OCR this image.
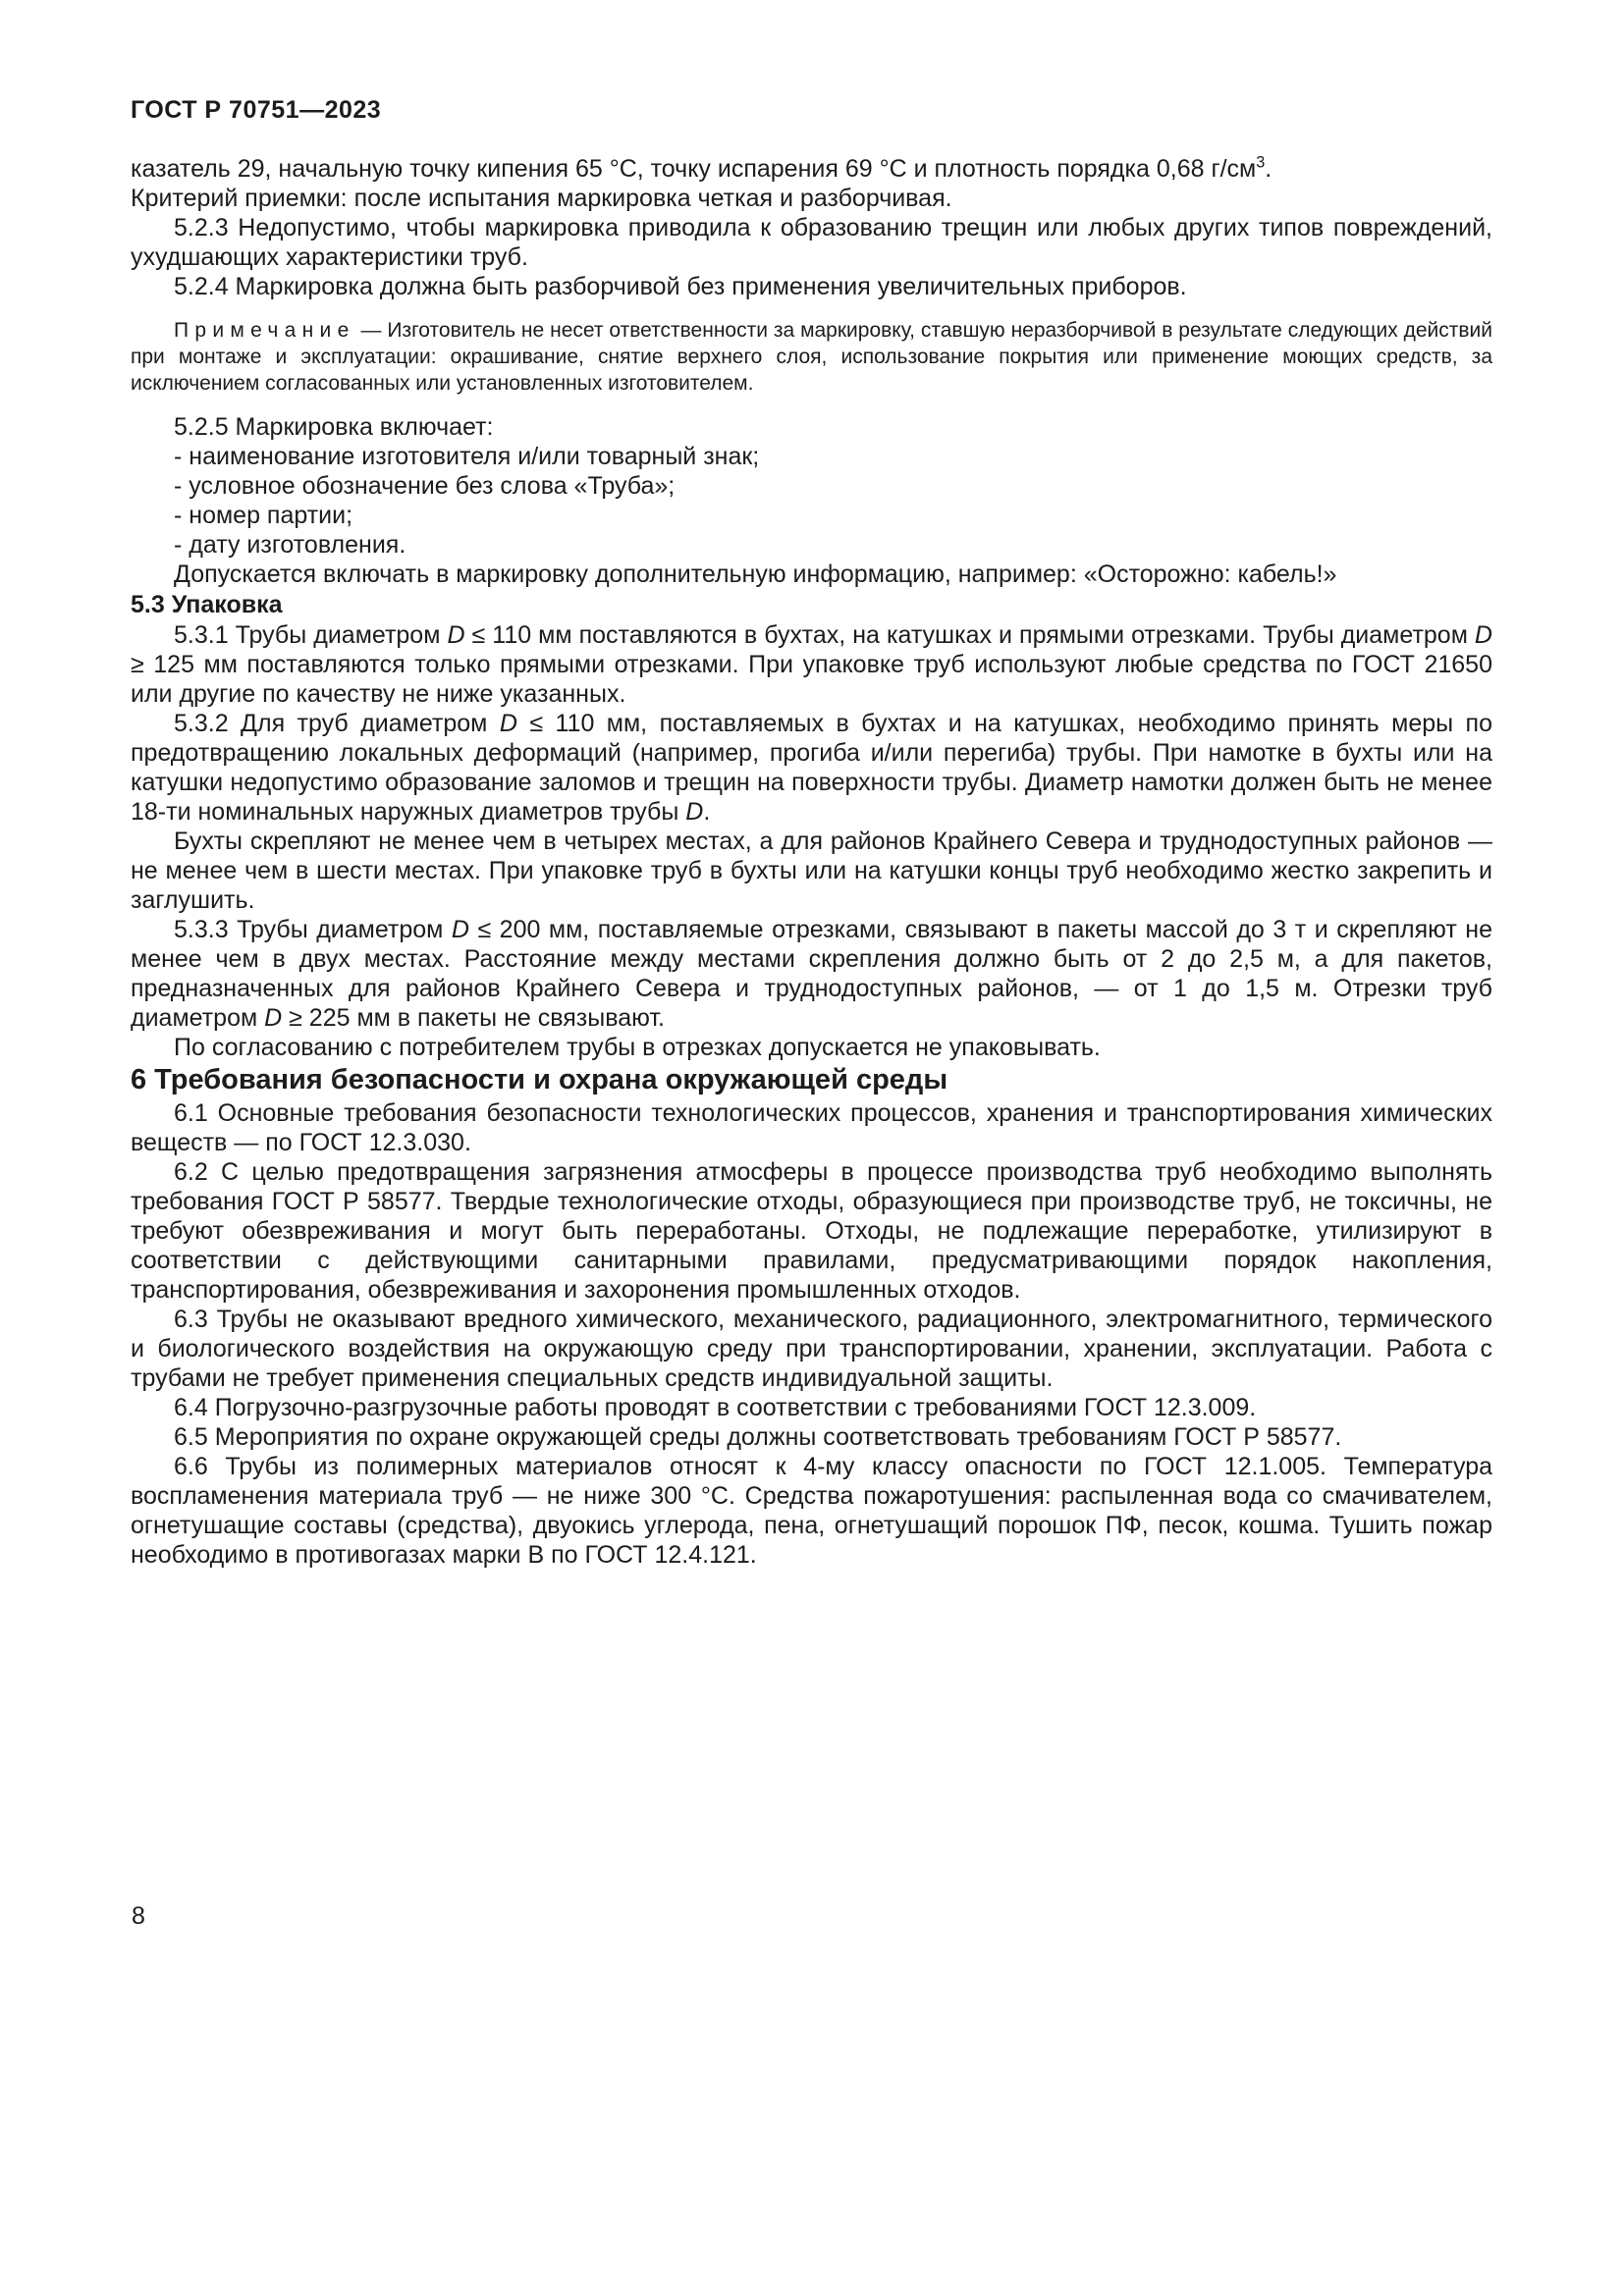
ГОСТ Р 70751—2023

казатель 29, начальную точку кипения 65 °С, точку испарения 69 °С и плотность порядка 0,68 $г/см^3$.

Критерий приемки: после испытания маркировка четкая и разборчивая.

5.2.3 Недопустимо, чтобы маркировка приводила к образованию трещин или любых других типов повреждений, ухудшающих характеристики труб.

5.2.4 Маркировка должна быть разборчивой без применения увеличительных приборов.

Примечание — Изготовитель не несет ответственности за маркировку, ставшую неразборчивой в результате следующих действий при монтаже и эксплуатации: окрашивание, снятие верхнего слоя, использование покрытия или применение моющих средств, за исключением согласованных или установленных изготовителем.

5.2.5 Маркировка включает:

- наименование изготовителя и/или товарный знак;

- условное обозначение без слова «Труба»;

- номер партии;

- дату изготовления.

Допускается включать в маркировку дополнительную информацию, например: «Осторожно: кабель!»

5.3 Упаковка

5.3.1 Трубы диаметром D ≤ 110 мм поставляются в бухтах, на катушках и прямыми отрезками. Трубы диаметром D ≥ 125 мм поставляются только прямыми отрезками. При упаковке труб используют любые средства по ГОСТ 21650 или другие по качеству не ниже указанных.

5.3.2 Для труб диаметром D ≤ 110 мм, поставляемых в бухтах и на катушках, необходимо принять меры по предотвращению локальных деформаций (например, прогиба и/или перегиба) трубы. При намотке в бухты или на катушки недопустимо образование заломов и трещин на поверхности трубы. Диаметр намотки должен быть не менее 18-ти номинальных наружных диаметров трубы D.

Бухты скрепляют не менее чем в четырех местах, а для районов Крайнего Севера и труднодоступных районов — не менее чем в шести местах. При упаковке труб в бухты или на катушки концы труб необходимо жестко закрепить и заглушить.

5.3.3 Трубы диаметром D ≤ 200 мм, поставляемые отрезками, связывают в пакеты массой до 3 т и скрепляют не менее чем в двух местах. Расстояние между местами скрепления должно быть от 2 до 2,5 м, а для пакетов, предназначенных для районов Крайнего Севера и труднодоступных районов, — от 1 до 1,5 м. Отрезки труб диаметром D ≥ 225 мм в пакеты не связывают.

По согласованию с потребителем трубы в отрезках допускается не упаковывать.

6 Требования безопасности и охрана окружающей среды

6.1 Основные требования безопасности технологических процессов, хранения и транспортирования химических веществ — по ГОСТ 12.3.030.

6.2 С целью предотвращения загрязнения атмосферы в процессе производства труб необходимо выполнять требования ГОСТ Р 58577. Твердые технологические отходы, образующиеся при производстве труб, не токсичны, не требуют обезвреживания и могут быть переработаны. Отходы, не подлежащие переработке, утилизируют в соответствии с действующими санитарными правилами, предусматривающими порядок накопления, транспортирования, обезвреживания и захоронения промышленных отходов.

6.3 Трубы не оказывают вредного химического, механического, радиационного, электромагнитного, термического и биологического воздействия на окружающую среду при транспортировании, хранении, эксплуатации. Работа с трубами не требует применения специальных средств индивидуальной защиты.

6.4 Погрузочно-разгрузочные работы проводят в соответствии с требованиями ГОСТ 12.3.009.

6.5 Мероприятия по охране окружающей среды должны соответствовать требованиям ГОСТ Р 58577.

6.6 Трубы из полимерных материалов относят к 4-му классу опасности по ГОСТ 12.1.005. Температура воспламенения материала труб — не ниже 300 °С. Средства пожаротушения: распыленная вода со смачивателем, огнетушащие составы (средства), двуокись углерода, пена, огнетушащий порошок ПФ, песок, кошма. Тушить пожар необходимо в противогазах марки В по ГОСТ 12.4.121.

8
